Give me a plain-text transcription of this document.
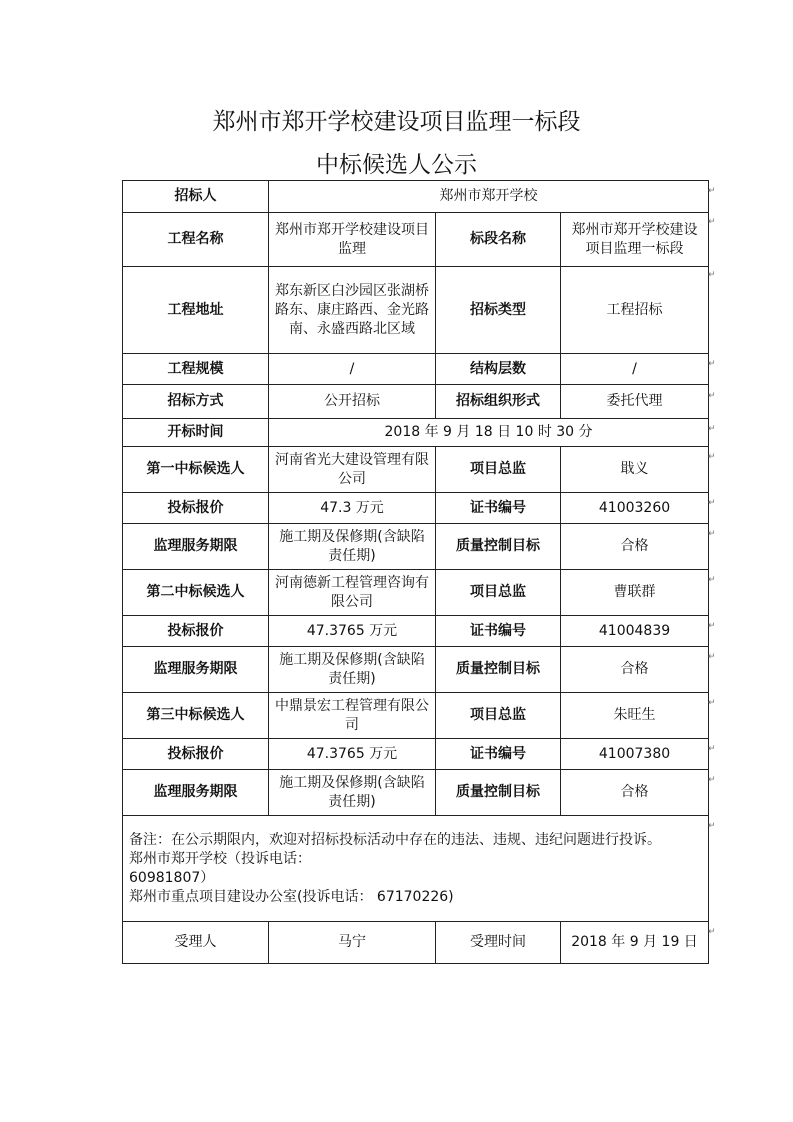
郑州市郑开学校建设项目监理一标段
中标候选人公示
招标人	郑州市郑开学校		
工程名称	郑州市郑开学校建设项目监理	标段名称	郑州市郑开学校建设项目监理一标段
工程地址	郑东新区白沙园区张湖桥路东、康庄路西、金光路南、永盛西路北区域	招标类型	工程招标
工程规模	/	结构层数	/
招标方式	公开招标	招标组织形式	委托代理
开标时间	2018 年 9 月 18 日 10 时 30 分		
第一中标候选人	河南省光大建设管理有限公司	项目总监	戢义
投标报价	47.3 万元	证书编号	41003260
监理服务期限	施工期及保修期(含缺陷责任期)	质量控制目标	合格
第二中标候选人	河南德新工程管理咨询有限公司	项目总监	曹联群
投标报价	47.3765 万元	证书编号	41004839
监理服务期限	施工期及保修期(含缺陷责任期)	质量控制目标	合格
第三中标候选人	中鼎景宏工程管理有限公司	项目总监	朱旺生
投标报价	47.3765 万元	证书编号	41007380
监理服务期限	施工期及保修期(含缺陷责任期)	质量控制目标	合格

备注：在公示期限内，欢迎对招标投标活动中存在的违法、违规、违纪问题进行投诉。
郑州市郑开学校（投诉电话：
60981807）
郑州市重点项目建设办公室(投诉电话： 67170226)			

受理人	马宁	受理时间	2018 年 9 月 19 日
↵
↵
↵
↵
↵
↵
↵
↵
↵
↵
↵
↵
↵
↵
↵
↵
↵
